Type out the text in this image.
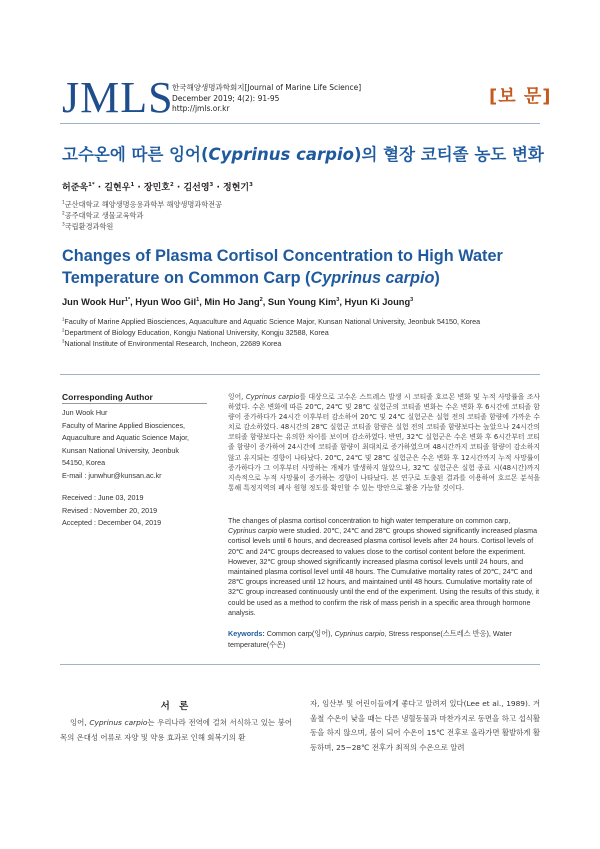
JMLS
한국해양생명과학회지[Journal of Marine Life Science]
December 2019; 4(2): 91-95
http://jmls.or.kr
[보 문]
고수온에 따른 잉어(Cyprinus carpio)의 혈장 코티졸 농도 변화
허준욱$^{1*}$ · 길현우$^1$ · 장민호$^2$ · 김선영$^3$ · 정현기$^3$
$^1$군산대학교 해양생명응용과학부 해양생명과학전공
$^2$공주대학교 생물교육학과
$^3$국립환경과학원
Changes of Plasma Cortisol Concentration to High Water
Temperature on Common Carp (Cyprinus carpio)
Jun Wook Hur$^{1*}$, Hyun Woo Gil$^1$, Min Ho Jang$^2$, Sun Young Kim$^3$, Hyun Ki Joung$^3$
$^1$Faculty of Marine Applied Biosciences, Aquaculture and Aquatic Science Major, Kunsan National University, Jeonbuk 54150, Korea
$^2$Department of Biology Education, Kongju National University, Kongju 32588, Korea
$^3$National Institute of Environmental Research, Incheon, 22689 Korea
Corresponding Author
Jun Wook Hur
Faculty of Marine Applied Biosciences,
Aquaculture and Aquatic Science Major,
Kunsan National University, Jeonbuk
54150, Korea
E-mail : junwhur@kunsan.ac.kr
Received : June 03, 2019
Revised : November 20, 2019
Accepted : December 04, 2019
잉어, Cyprinus carpio를 대상으로 고수온 스트레스 발생 시 코티졸 호르몬 변화 및 누적 사망률을 조사하였다. 수온 변화에 따른 20℃, 24℃ 및 28℃ 실험군의 코티졸 변화는 수온 변화 후 6시간에 코티졸 함량이 증가하다가 24시간 이후부터 감소하여 20℃ 및 24℃ 실험군은 실험 전의 코티졸 함량에 가까운 수치로 감소하였다. 48시간의 28℃ 실험군 코티졸 함량은 실험 전의 코티졸 함량보다는 높았으나 24시간의 코티졸 함량보다는 유의한 차이를 보이며 감소하였다. 반면, 32℃ 실험군은 수온 변화 후 6시간부터 코티졸 함량이 증가하여 24시간에 코티졸 함량이 최대치로 증가하였으며 48시간까지 코티졸 함량이 감소하지 않고 유지되는 경향이 나타났다. 20℃, 24℃ 및 28℃ 실험군은 수온 변화 후 12시간까지 누적 사망률이 증가하다가 그 이후부터 사망하는 개체가 발생하지 않았으나, 32℃ 실험군은 실험 종료 시(48시간)까지 지속적으로 누적 사망률이 증가하는 경향이 나타났다. 본 연구로 도출된 결과를 이용하여 호르몬 분석을 통해 특정지역의 폐사 원형 정도를 확인할 수 있는 방안으로 활용 가능할 것이다.
The changes of plasma cortisol concentration to high water temperature on common carp, Cyprinus carpio were studied. 20℃, 24℃ and 28℃ groups showed significantly increased plasma cortisol levels until 6 hours, and decreased plasma cortisol levels after 24 hours. Cortisol levels of 20℃ and 24℃ groups decreased to values close to the cortisol content before the experiment. However, 32℃ group showed significantly increased plasma cortisol levels until 24 hours, and maintained plasma cortisol level until 48 hours. The Cumulative mortality rates of 20℃, 24℃ and 28℃ groups increased until 12 hours, and maintained until 48 hours. Cumulative mortality rate of 32℃ group increased continuously until the end of the experiment. Using the results of this study, it could be used as a method to confirm the risk of mass perish in a specific area through hormone analysis.
Keywords: Common carp(잉어), Cyprinus carpio, Stress response(스트레스 반응), Water temperature(수온)
서 론
잉어, Cyprinus carpio는 우리나라 전역에 걸쳐 서식하고 있는 붕어목의 온대성 어류로 자양 및 약용 효과로 인해 회복기의 환
자, 임산부 및 어린이들에게 좋다고 알려져 있다(Lee et al., 1989). 겨울철 수온이 낮을 때는 다른 냉혈동물과 마찬가지로 동면을 하고 섭식활동을 하지 않으며, 봄이 되어 수온이 15℃ 전후로 올라가면 활발하게 활동하며, 25~28℃ 전후가 최적의 수온으로 알려
